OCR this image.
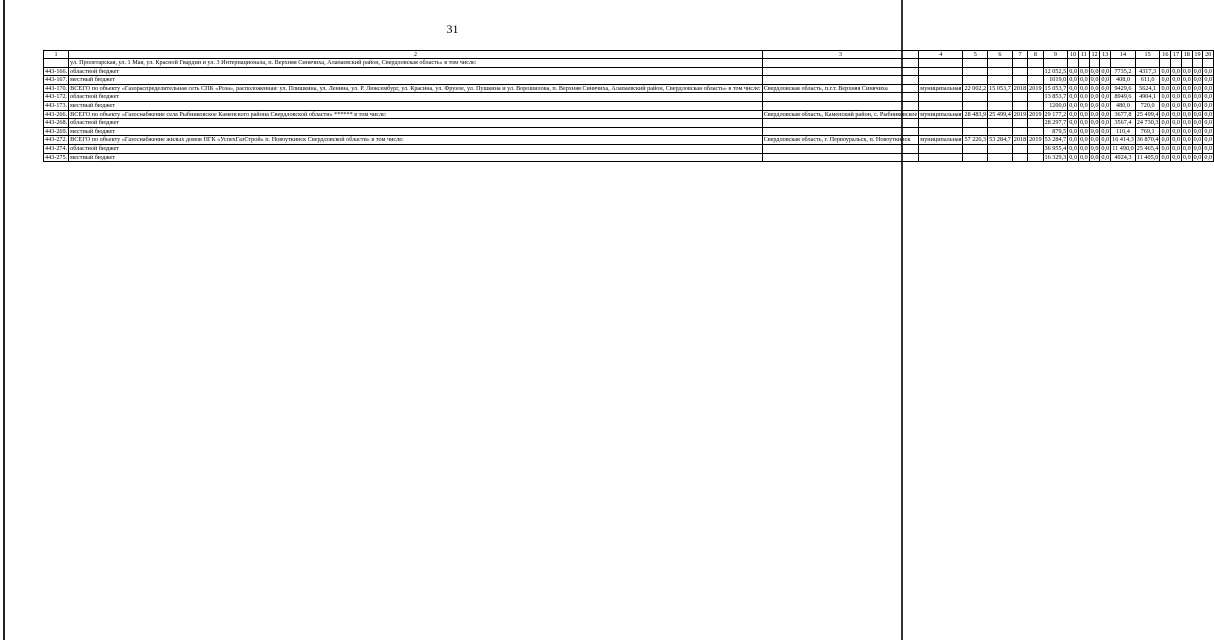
31
1	2	3	4	5	6	7	8	9	10	11	12	13	14	15	16	17	18	19	20
	ул. Пролетарская, ул. 1 Мая, ул. Красной Гвардии и ул. 3 Интернационала, п. Верхняя Синячиха, Алапаевский район, Свердловская область» в том числе:																		
443-166.	областной бюджет							12 052,5	0,0	0,0	0,0	0,0	7735,2	4317,3	0,0	0,0	0,0	0,0	0,0
443-167.	местный бюджет							1019,0	0,0	0,0	0,0	0,0	408,0	611,0	0,0	0,0	0,0	0,0	0,0
443-170.	ВСЕГО по объекту «Газораспределительная сеть СПК «Роза», расположенная: ул. Плишкина, ул. Ленина, ул. Р. Люксембург, ул. Красина, ул. Фрунзе, ул. Пушкина и ул. Ворошилова, п. Верхняя Синячиха, Алапаевский район, Свердловская область» в том числе:	Свердловская область, п.г.т. Верхняя Синячиха	муниципальная	22 002,2	15 053,7	2018	2019	15 053,7	0,0	0,0	0,0	0,0	9429,6	5624,1	0,0	0,0	0,0	0,0	0,0
443-172.	областной бюджет							13 853,7	0,0	0,0	0,0	0,0	8949,6	4904,1	0,0	0,0	0,0	0,0	0,0
443-173.	местный бюджет							1200,0	0,0	0,0	0,0	0,0	480,0	720,0	0,0	0,0	0,0	0,0	0,0
443-266.	ВСЕГО по объекту «Газоснабжение села Рыбниковское Каменского района Свердловской области» ****** в том числе:	Свердловская область, Каменский район, с. Рыбниковское	муниципальная	28 483,9	25 499,4	2019	2019	29 177,2	0,0	0,0	0,0	0,0	3677,8	25 499,4	0,0	0,0	0,0	0,0	0,0
443-268.	областной бюджет							28 297,7	0,0	0,0	0,0	0,0	3567,4	24 730,3	0,0	0,0	0,0	0,0	0,0
443-269.	местный бюджет							879,5	0,0	0,0	0,0	0,0	110,4	769,1	0,0	0,0	0,0	0,0	0,0
443-272.	ВСЕГО по объекту «Газоснабжение жилых домов ПГК «УспехГазСтрой» п. Новоуткинск Свердловской области» в том числе:	Свердловская область, г. Первоуральск, п. Новоуткинск	муниципальная	57 226,3	53 284,7	2018	2019	53 284,7	0,0	0,0	0,0	0,0	16 414,3	36 870,4	0,0	0,0	0,0	0,0	0,0
443-274.	областной бюджет							36 955,4	0,0	0,0	0,0	0,0	11 490,0	25 465,4	0,0	0,0	0,0	0,0	0,0
443-275.	местный бюджет							16 329,3	0,0	0,0	0,0	0,0	4924,3	11 405,0	0,0	0,0	0,0	0,0	0,0
